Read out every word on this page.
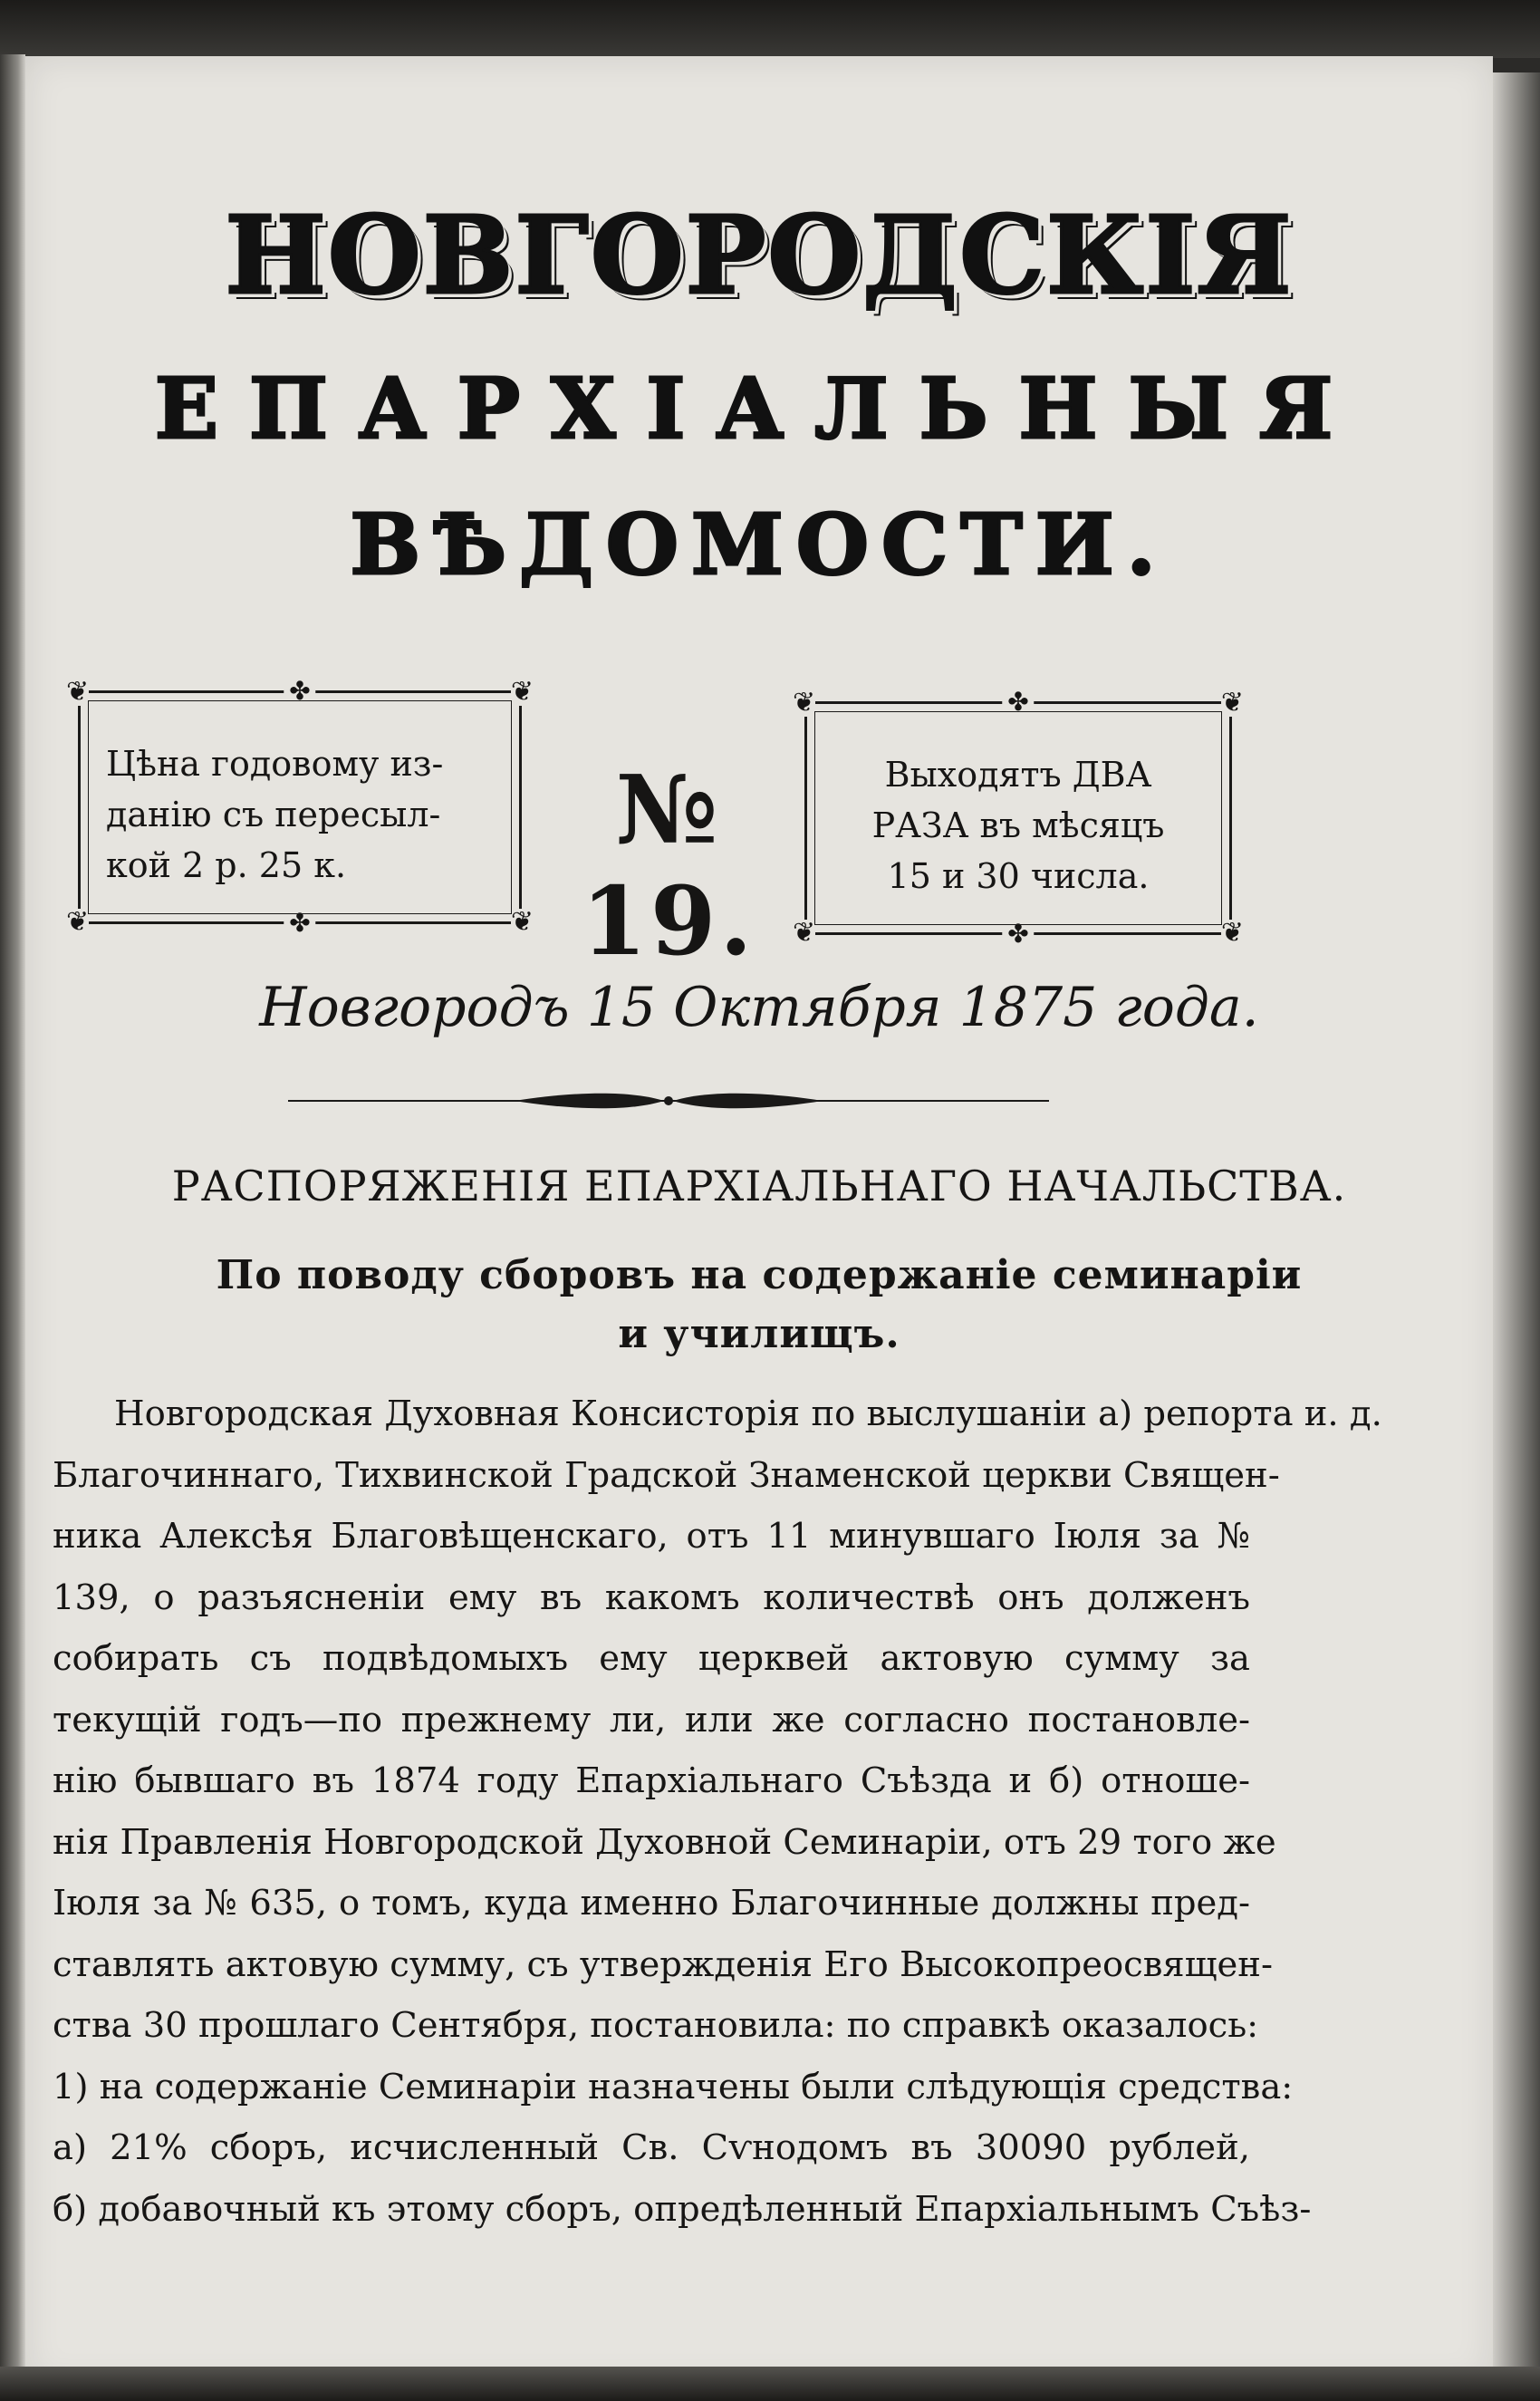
НОВГОРОДСКІЯ
ЕПАРХІАЛЬНЫЯ
ВѢДОМОСТИ.
❦	❦
❦	❦
✤
✤
Цѣна годовому из-
данію съ пересыл-
кой 2 р. 25 к.	№ 19.
❦	❦
❦	❦
✤
✤
Выходятъ ДВА
РАЗА въ мѣсяцъ
15 и 30 числа.
Новгородъ 15 Октября 1875 года.
РАСПОРЯЖЕНІЯ ЕПАРХІАЛЬНАГО НАЧАЛЬСТВА.
По поводу сборовъ на содержаніе семинаріи
и училищъ.
Новгородская Духовная Консисторія по выслушаніи а) репорта и. д.
Благочиннаго, Тихвинской Градской Знаменской церкви Священ-
ника Алексѣя Благовѣщенскаго, отъ 11 минувшаго Іюля за №
139, о разъясненіи ему въ какомъ количествѣ онъ долженъ
собирать съ подвѣдомыхъ ему церквей актовую сумму за
текущій годъ—по прежнему ли, или же согласно постановле-
нію бывшаго въ 1874 году Епархіальнаго Съѣзда и б) отноше-
нія Правленія Новгородской Духовной Семинаріи, отъ 29 того же
Іюля за № 635, о томъ, куда именно Благочинные должны пред-
ставлять актовую сумму, съ утвержденія Его Высокопреосвящен-
ства 30 прошлаго Сентября, постановила: по справкѣ оказалось:
1) на содержаніе Семинаріи назначены были слѣдующія средства:
а) 21% сборъ, исчисленный Св. Сѵнодомъ въ 30090 рублей,
б) добавочный къ этому сборъ, опредѣленный Епархіальнымъ Съѣз-
